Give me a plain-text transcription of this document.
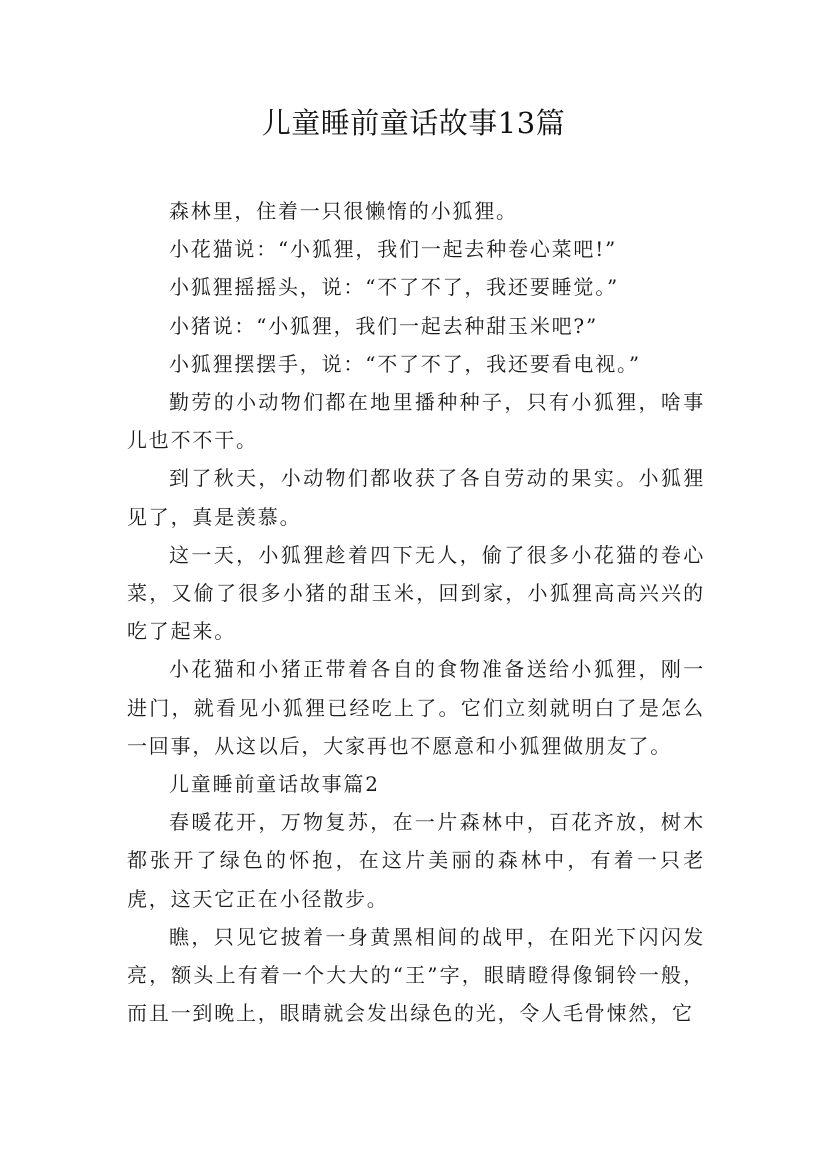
儿童睡前童话故事13篇

森林里，住着一只很懒惰的小狐狸。

小花猫说：“小狐狸，我们一起去种卷心菜吧!”

小狐狸摇摇头，说：“不了不了，我还要睡觉。”

小猪说：“小狐狸，我们一起去种甜玉米吧?”

小狐狸摆摆手，说：“不了不了，我还要看电视。”

勤劳的小动物们都在地里播种种子，只有小狐狸，啥事儿也不不干。

到了秋天，小动物们都收获了各自劳动的果实。小狐狸见了，真是羡慕。

这一天，小狐狸趁着四下无人，偷了很多小花猫的卷心菜，又偷了很多小猪的甜玉米，回到家，小狐狸高高兴兴的吃了起来。

小花猫和小猪正带着各自的食物准备送给小狐狸，刚一进门，就看见小狐狸已经吃上了。它们立刻就明白了是怎么一回事，从这以后，大家再也不愿意和小狐狸做朋友了。

儿童睡前童话故事篇2

春暖花开，万物复苏，在一片森林中，百花齐放，树木都张开了绿色的怀抱，在这片美丽的森林中，有着一只老虎，这天它正在小径散步。

瞧，只见它披着一身黄黑相间的战甲，在阳光下闪闪发亮，额头上有着一个大大的“王”字，眼睛瞪得像铜铃一般，而且一到晚上，眼睛就会发出绿色的光，令人毛骨悚然，它
